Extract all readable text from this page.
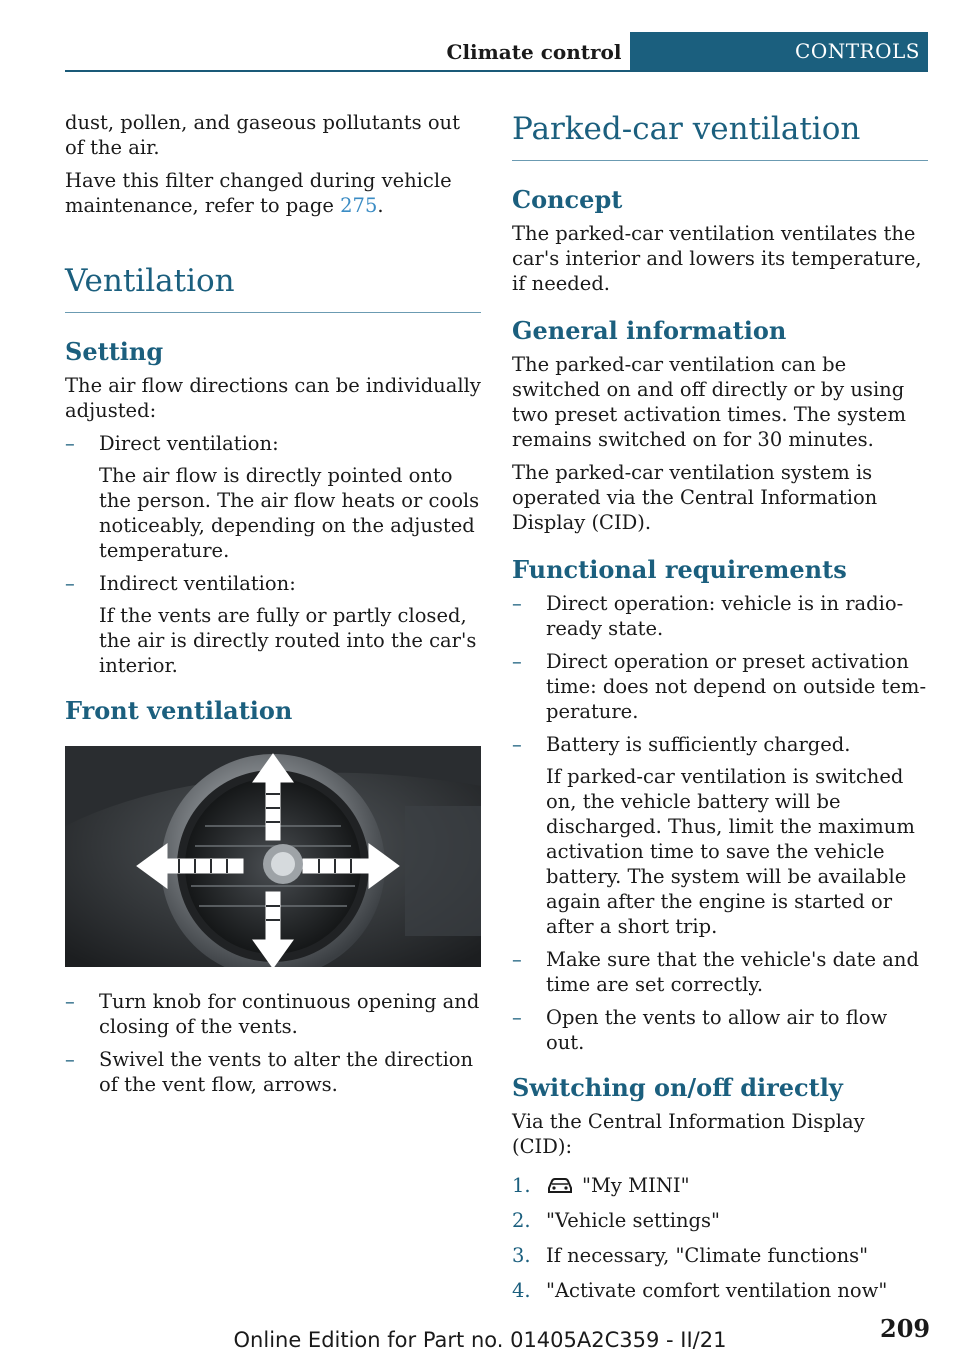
Climate control	CONTROLS

dust, pollen, and gaseous pollutants out of the air.

Have this filter changed during vehicle maintenance, refer to page 275.

Ventilation
Setting

The air flow directions can be individually adjusted:

– Direct ventilation:

The air flow is directly pointed onto the person. The air flow heats or cools noticeably, depending on the adjusted temperature.

– Indirect ventilation:

If the vents are fully or partly closed, the air is directly routed into the car's interior.

Front ventilation
– Turn knob for continuous opening and closing of the vents.
– Swivel the vents to alter the direction of the vent flow, arrows.
Parked-car ventilation
Concept

The parked-car ventilation ventilates the car's interior and lowers its temperature, if needed.

General information

The parked-car ventilation can be switched on and off directly or by using two preset activation times. The system remains switched on for 30 minutes.

The parked-car ventilation system is operated via the Central Information Display (CID).

Functional requirements
– Direct operation: vehicle is in radio-ready state.
– Direct operation or preset activation time: does not depend on outside temperature.
– Battery is sufficiently charged.

If parked-car ventilation is switched on, the vehicle battery will be discharged. Thus, limit the maximum activation time to save the vehicle battery. The system will be available again after the engine is started or after a short trip.

– Make sure that the vehicle's date and time are set correctly.
– Open the vents to allow air to flow out.
Switching on/off directly

Via the Central Information Display (CID):

1.	"My MINI"
2. "Vehicle settings"
3. If necessary, "Climate functions"
4. "Activate comfort ventilation now"
209
Online Edition for Part no. 01405A2C359 - II/21
